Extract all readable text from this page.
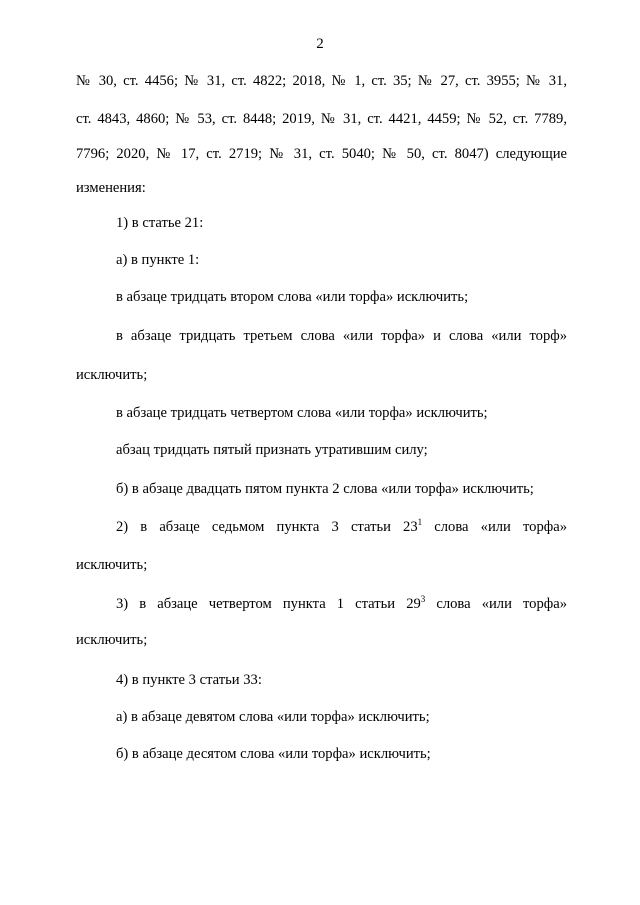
2
№ 30, ст. 4456; № 31, ст. 4822; 2018, № 1, ст. 35; № 27, ст. 3955; № 31,
ст. 4843, 4860; № 53, ст. 8448; 2019, № 31, ст. 4421, 4459; № 52, ст. 7789,
7796; 2020, № 17, ст. 2719; № 31, ст. 5040; № 50, ст. 8047) следующие
изменения:
1) в статье 21:
а) в пункте 1:
в абзаце тридцать втором слова «или торфа» исключить;
в абзаце тридцать третьем слова «или торфа» и слова «или торф»
исключить;
в абзаце тридцать четвертом слова «или торфа» исключить;
абзац тридцать пятый признать утратившим силу;
б) в абзаце двадцать пятом пункта 2 слова «или торфа» исключить;
2) в абзаце седьмом пункта 3 статьи $23^1$ слова «или торфа»
исключить;
3) в абзаце четвертом пункта 1 статьи $29^3$ слова «или торфа»
исключить;
4) в пункте 3 статьи 33:
а) в абзаце девятом слова «или торфа» исключить;
б) в абзаце десятом слова «или торфа» исключить;
